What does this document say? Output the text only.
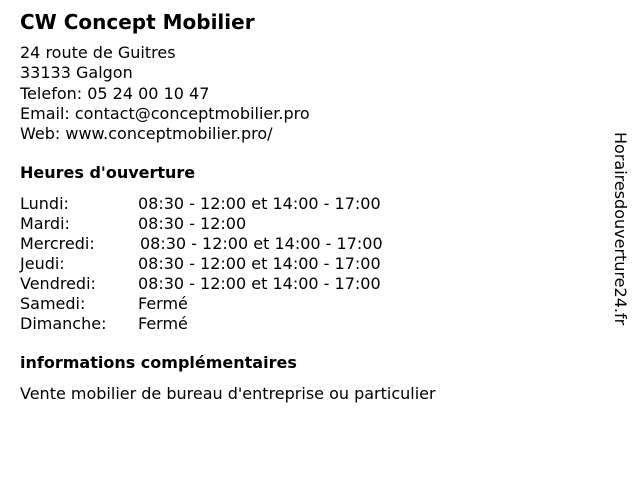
CW Concept Mobilier
24 route de Guitres
33133 Galgon
Telefon: 05 24 00 10 47
Email: contact@conceptmobilier.pro
Web: www.conceptmobilier.pro/
Heures d'ouverture
Lundi:	08:30 - 12:00 et 14:00 - 17:00
Mardi:	08:30 - 12:00
Mercredi:	08:30 - 12:00 et 14:00 - 17:00
Jeudi:	08:30 - 12:00 et 14:00 - 17:00
Vendredi:	08:30 - 12:00 et 14:00 - 17:00
Samedi:	Fermé
Dimanche: Fermé
informations complémentaires
Vente mobilier de bureau d'entreprise ou particulier
Horairesdouverture24.fr
